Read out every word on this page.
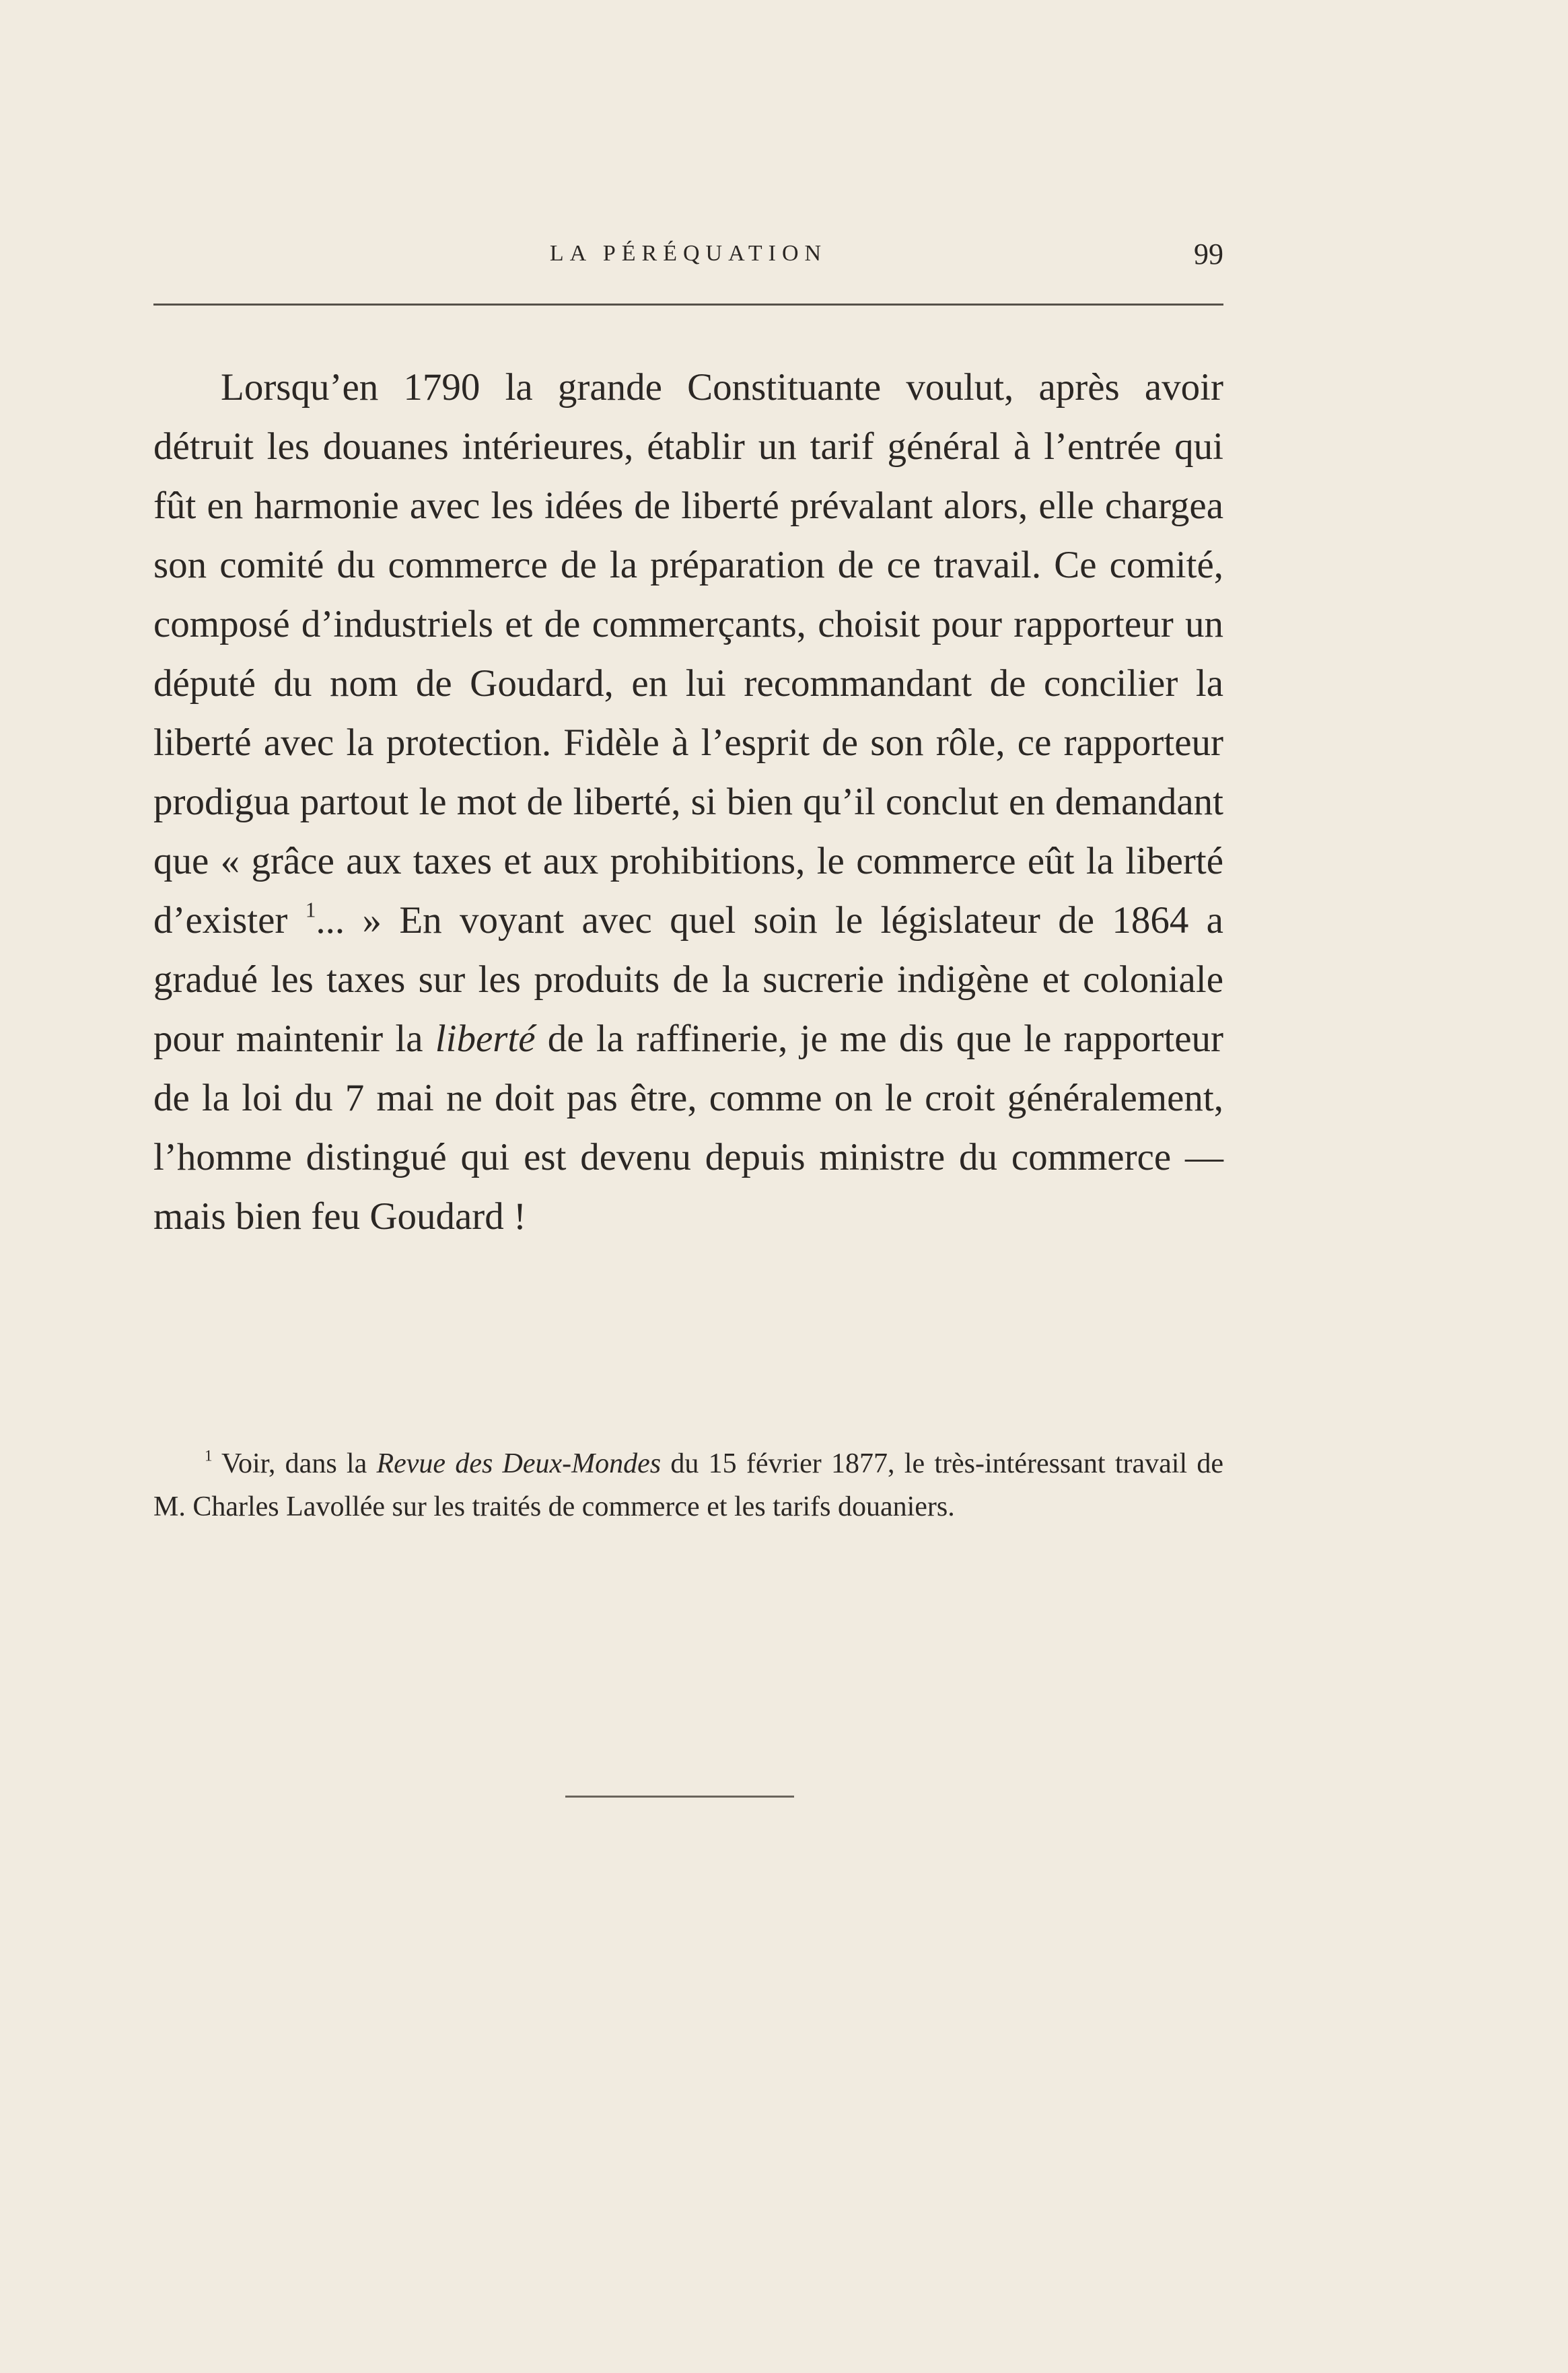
LA PÉRÉQUATION	99

Lorsqu’en 1790 la grande Constituante voulut, après avoir détruit les douanes intérieures, établir un tarif général à l’entrée qui fût en harmonie avec les idées de liberté prévalant alors, elle chargea son comité du commerce de la préparation de ce travail. Ce comité, composé d’industriels et de commerçants, choisit pour rapporteur un député du nom de Goudard, en lui recommandant de concilier la liberté avec la protection. Fidèle à l’esprit de son rôle, ce rapporteur prodigua partout le mot de liberté, si bien qu’il conclut en demandant que « grâce aux taxes et aux prohibitions, le commerce eût la liberté d’exister $^1$... » En voyant avec quel soin le législateur de 1864 a gradué les taxes sur les produits de la sucrerie indigène et coloniale pour maintenir la liberté de la raffinerie, je me dis que le rapporteur de la loi du 7 mai ne doit pas être, comme on le croit généralement, l’homme distingué qui est devenu depuis ministre du commerce — mais bien feu Goudard !

$^1$ Voir, dans la Revue des Deux-Mondes du 15 février 1877, le très-intéressant travail de M. Charles Lavollée sur les traités de commerce et les tarifs douaniers.
